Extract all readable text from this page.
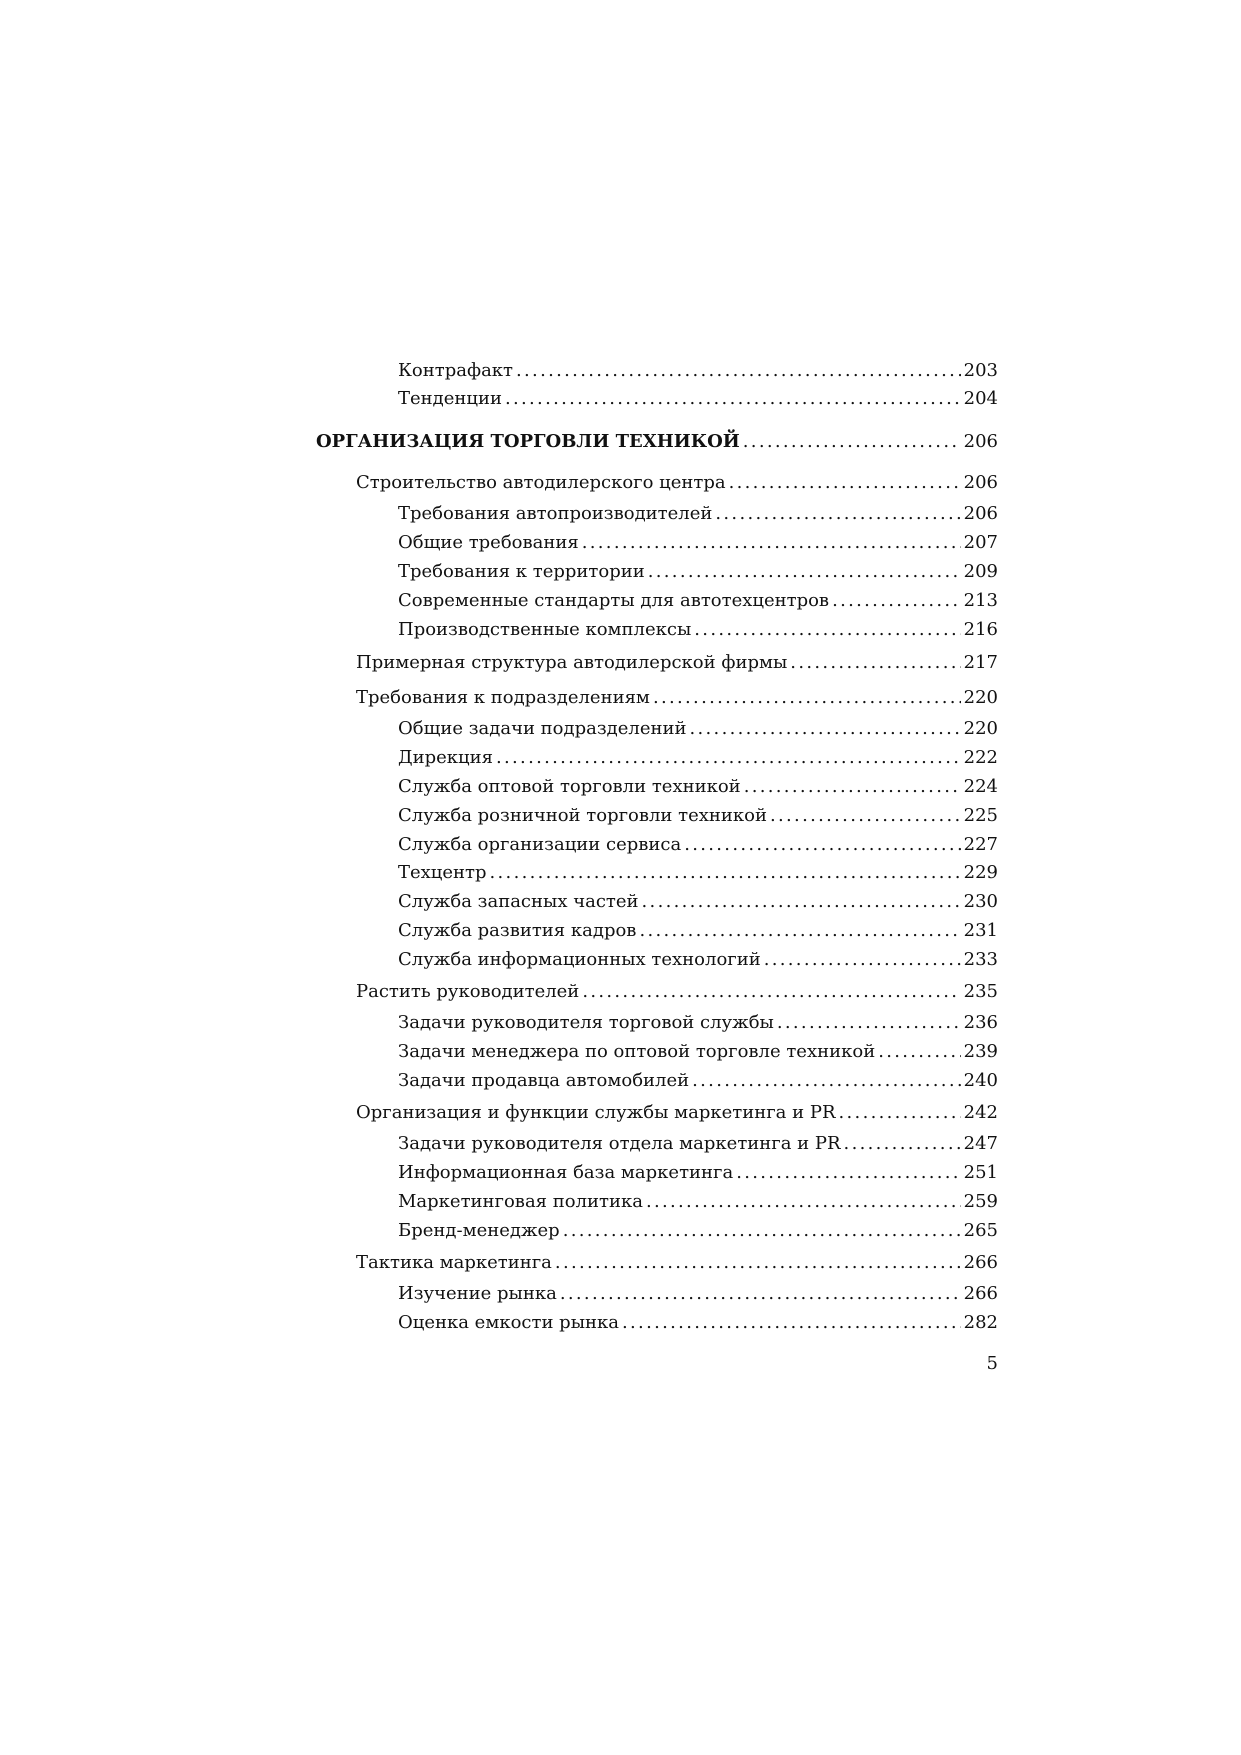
Контрафакт .....	203
Тенденции .....	204
ОРГАНИЗАЦИЯ ТОРГОВЛИ ТЕХНИКОЙ .....	206
Строительство автодилерского центра .....	206
Требования автопроизводителей .....	206
Общие требования .....	207
Требования к территории .....	209
Современные стандарты для автотехцентров .....	213
Производственные комплексы .....	216
Примерная структура автодилерской фирмы .....	217
Требования к подразделениям .....	220
Общие задачи подразделений .....	220
Дирекция .....	222
Служба оптовой торговли техникой .....	224
Служба розничной торговли техникой .....	225
Служба организации сервиса .....	227
Техцентр .....	229
Служба запасных частей .....	230
Служба развития кадров .....	231
Служба информационных технологий .....	233
Растить руководителей .....	235
Задачи руководителя торговой службы .....	236
Задачи менеджера по оптовой торговле техникой .....	239
Задачи продавца автомобилей .....	240
Организация и функции службы маркетинга и PR .....	242
Задачи руководителя отдела маркетинга и PR .....	247
Информационная база маркетинга .....	251
Маркетинговая политика .....	259
Бренд-менеджер .....	265
Тактика маркетинга .....	266
Изучение рынка .....	266
Оценка емкости рынка .....	282
5
